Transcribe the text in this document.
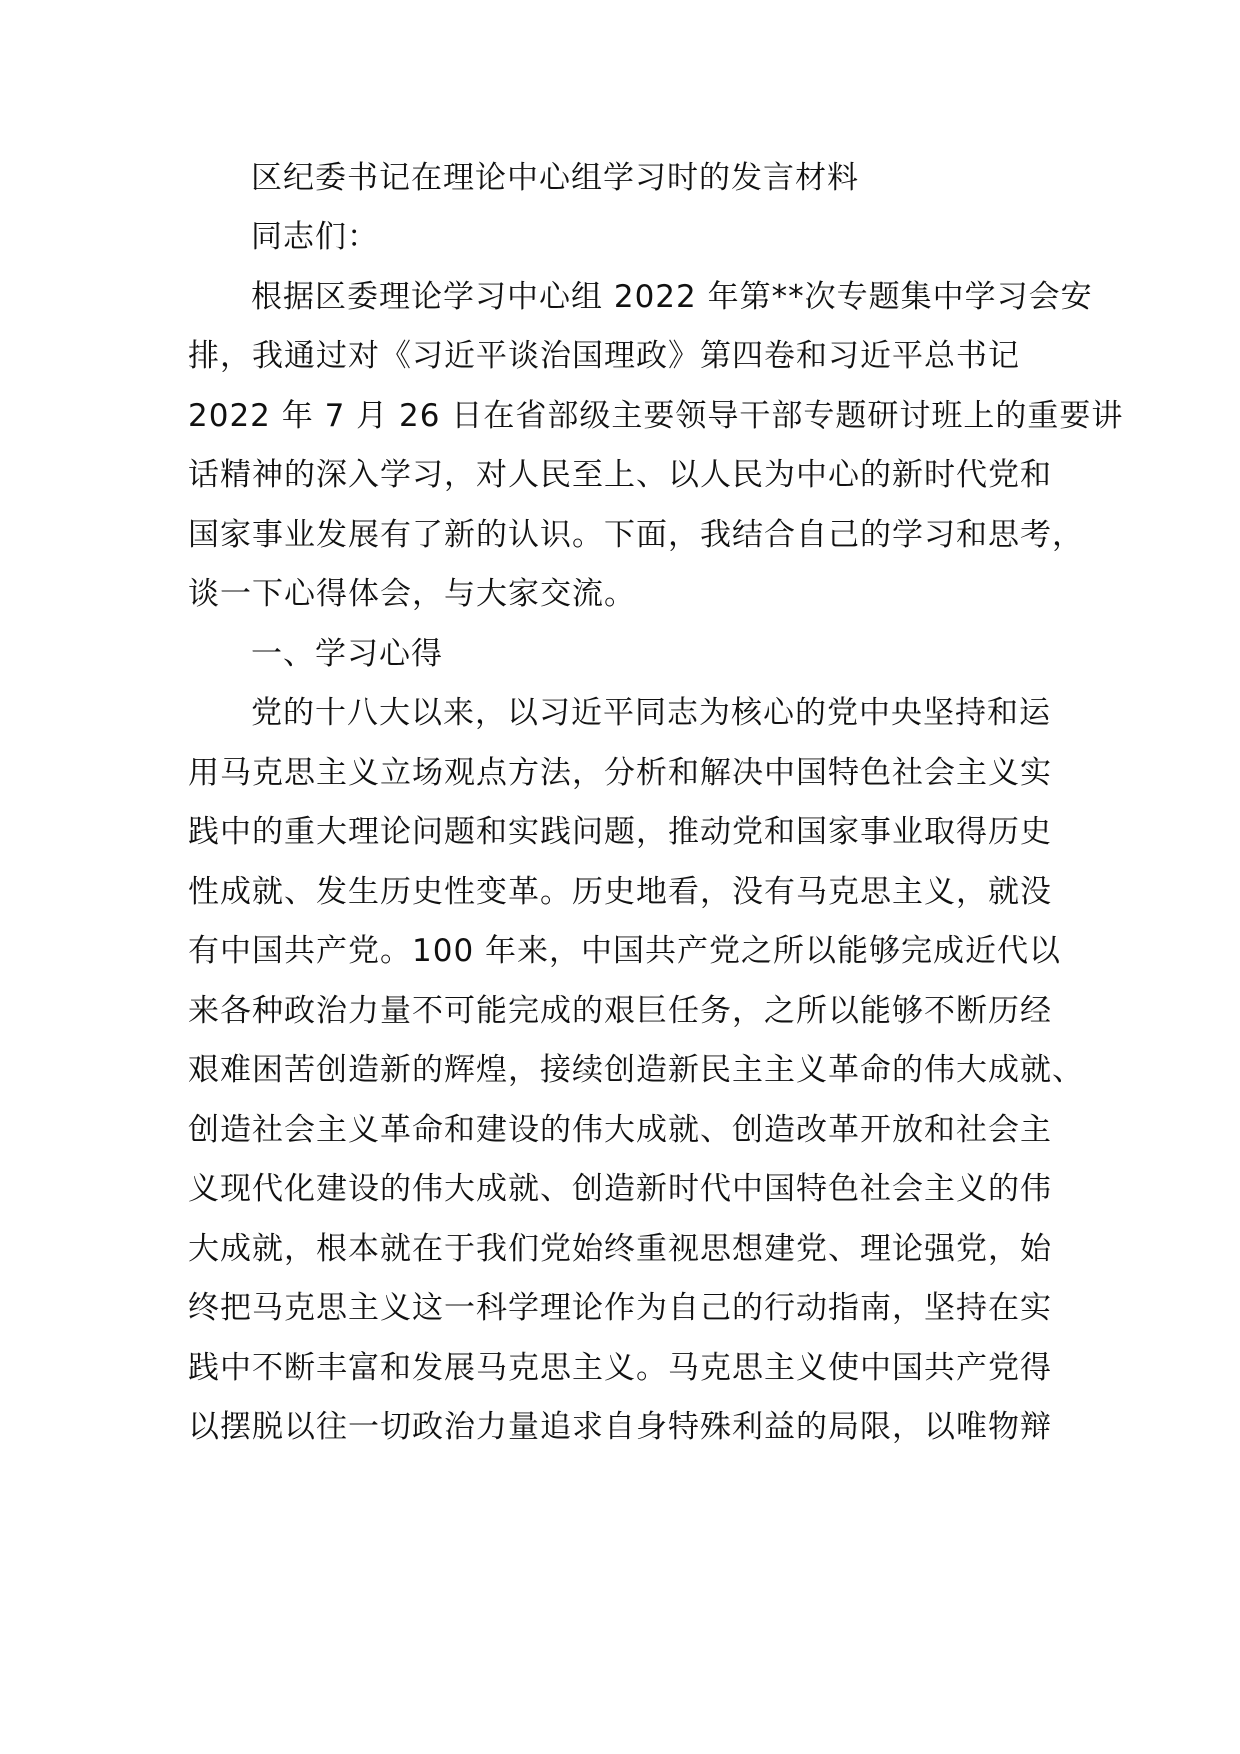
区纪委书记在理论中心组学习时的发言材料
同志们：
根据区委理论学习中心组 2022 年第**次专题集中学习会安
排，我通过对《习近平谈治国理政》第四卷和习近平总书记
2022 年 7 月 26 日在省部级主要领导干部专题研讨班上的重要讲
话精神的深入学习，对人民至上、以人民为中心的新时代党和
国家事业发展有了新的认识。下面，我结合自己的学习和思考，
谈一下心得体会，与大家交流。
一、学习心得
党的十八大以来，以习近平同志为核心的党中央坚持和运
用马克思主义立场观点方法，分析和解决中国特色社会主义实
践中的重大理论问题和实践问题，推动党和国家事业取得历史
性成就、发生历史性变革。历史地看，没有马克思主义，就没
有中国共产党。100 年来，中国共产党之所以能够完成近代以
来各种政治力量不可能完成的艰巨任务，之所以能够不断历经
艰难困苦创造新的辉煌，接续创造新民主主义革命的伟大成就、
创造社会主义革命和建设的伟大成就、创造改革开放和社会主
义现代化建设的伟大成就、创造新时代中国特色社会主义的伟
大成就，根本就在于我们党始终重视思想建党、理论强党，始
终把马克思主义这一科学理论作为自己的行动指南，坚持在实
践中不断丰富和发展马克思主义。马克思主义使中国共产党得
以摆脱以往一切政治力量追求自身特殊利益的局限，以唯物辩
